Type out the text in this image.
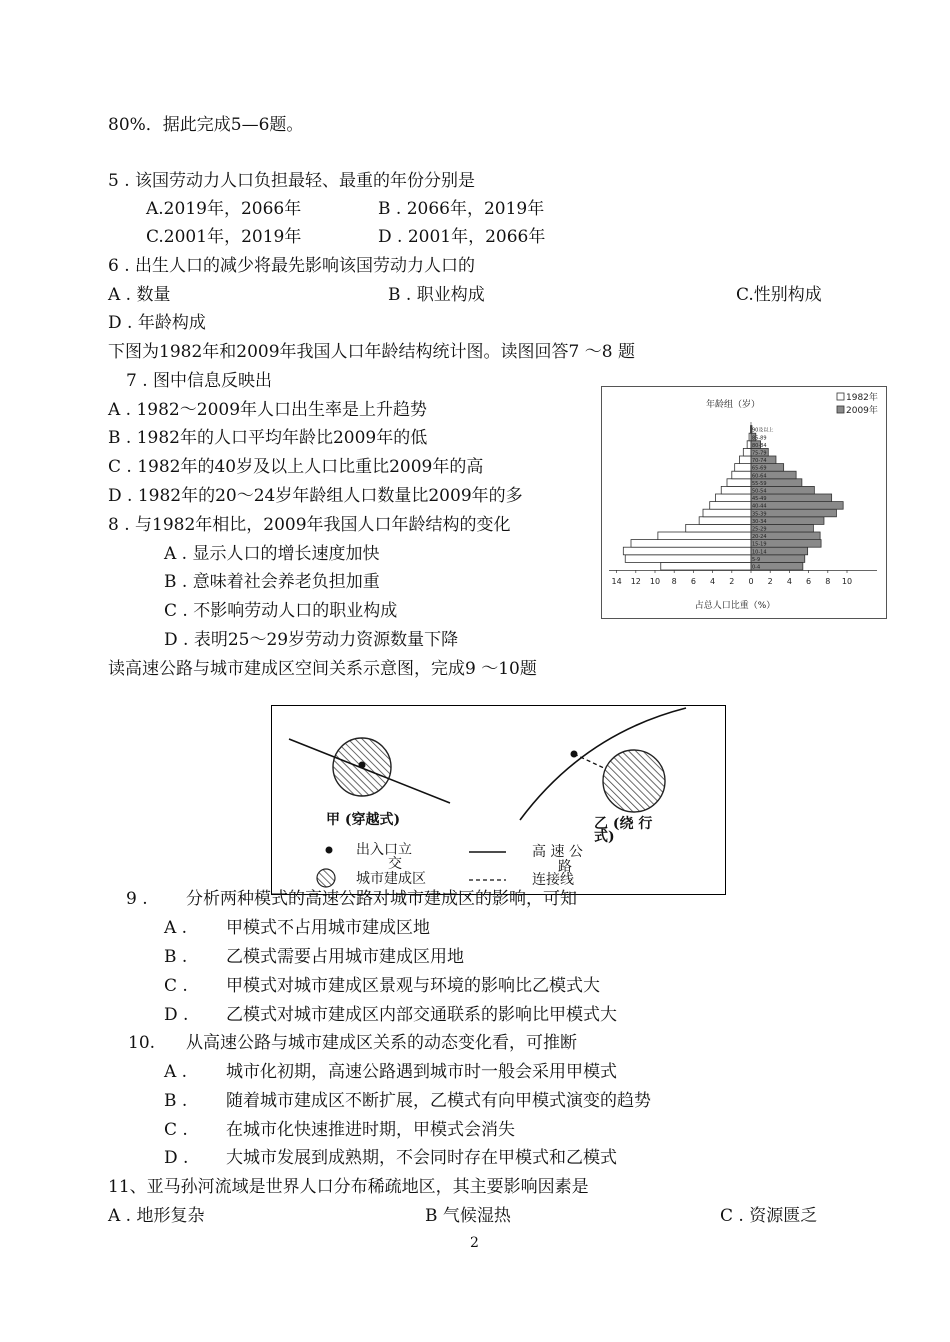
80%．据此完成5—6题。
5 . 该国劳动力人口负担最轻、最重的年份分别是
A.2019年，2066年	B . 2066年，2019年
C.2001年，2019年	D . 2001年，2066年
6 . 出生人口的减少将最先影响该国劳动力人口的
A . 数量	B . 职业构成	C.性别构成
D . 年龄构成
下图为1982年和2009年我国人口年龄结构统计图。读图回答7 ～8 题
7 . 图中信息反映出
A . 1982～2009年人口出生率是上升趋势
B . 1982年的人口平均年龄比2009年的低
C . 1982年的40岁及以上人口比重比2009年的高
D . 1982年的20～24岁年龄组人口数量比2009年的多
8 . 与1982年相比，2009年我国人口年龄结构的变化
A . 显示人口的增长速度加快
B . 意味着社会养老负担加重
C . 不影响劳动人口的职业构成
D . 表明25～29岁劳动力资源数量下降
读高速公路与城市建成区空间关系示意图，完成9 ～10题
0-4
5-9
10-14
15-19
20-24
25-29
30-34
35-39
40-44
45-49
50-54
55-59
60-64
65-69
70-74
75-79
80-84
85-89
90及以上
14 12 10 8 6 4 2 0 2 4 6 8 10
年龄组（岁）
1982年
2009年
占总人口比重（%）
甲 (穿越式)	乙 (绕 行
式)
出入口立
交
高 速 公
路
城市建成区	连接线
9 . 分析两种模式的高速公路对城市建成区的影响，可知
A . 甲模式不占用城市建成区地
B . 乙模式需要占用城市建成区用地
C . 甲模式对城市建成区景观与环境的影响比乙模式大
D . 乙模式对城市建成区内部交通联系的影响比甲模式大
10. 从高速公路与城市建成区关系的动态变化看，可推断
A . 城市化初期，高速公路遇到城市时一般会采用甲模式
B . 随着城市建成区不断扩展，乙模式有向甲模式演变的趋势
C . 在城市化快速推进时期，甲模式会消失
D . 大城市发展到成熟期，不会同时存在甲模式和乙模式
11、亚马孙河流域是世界人口分布稀疏地区，其主要影响因素是
A . 地形复杂	B 气候湿热	C . 资源匮乏
2
